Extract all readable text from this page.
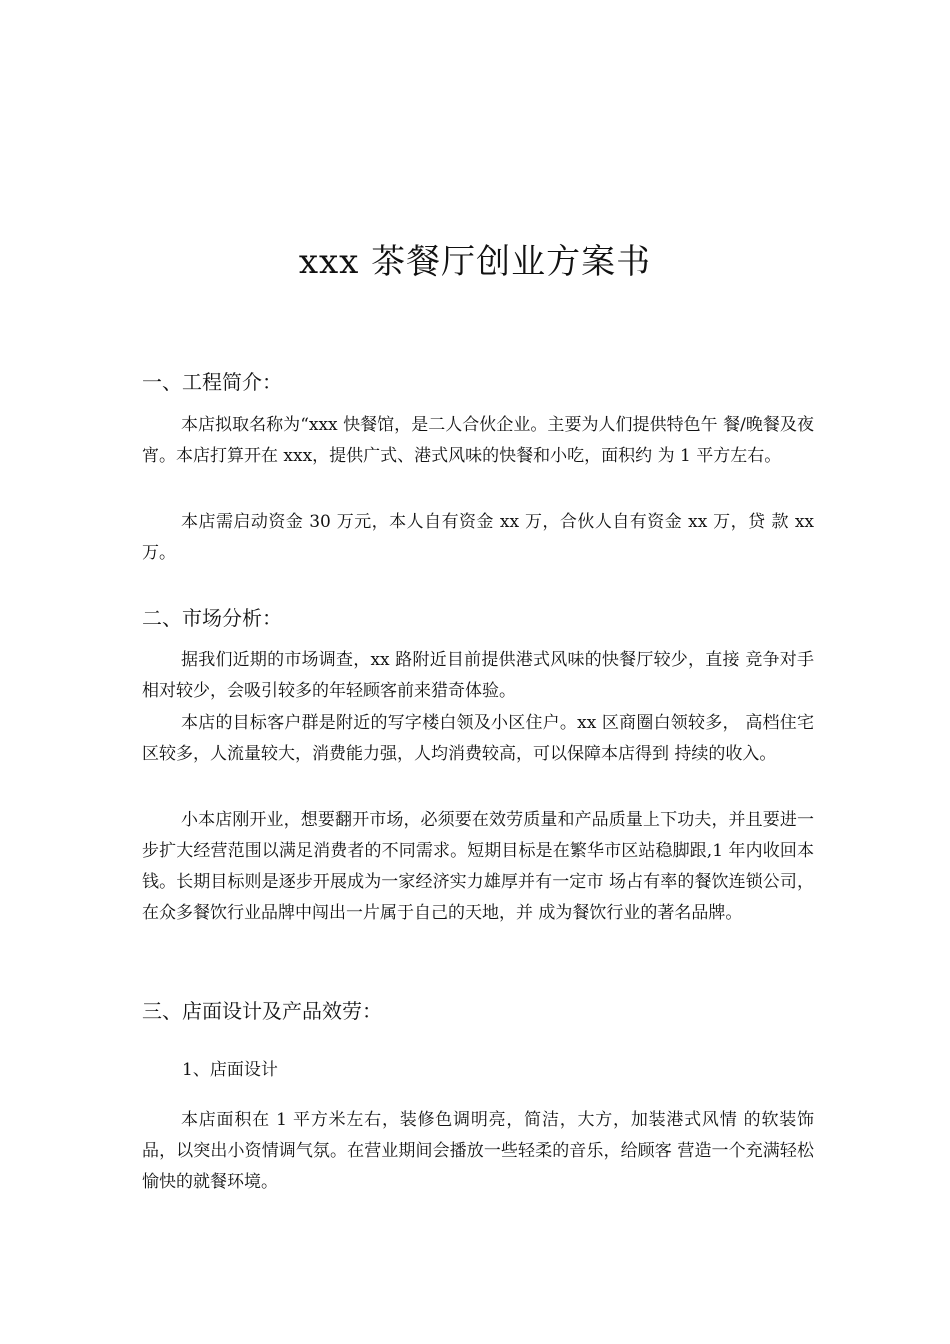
xxx 茶餐厅创业方案书
一、工程简介：

本店拟取名称为“xxx 快餐馆，是二人合伙企业。主要为人们提供特色午 餐/晚餐及夜宵。本店打算开在 xxx，提供广式、港式风味的快餐和小吃，面积约 为 1 平方左右。

本店需启动资金 30 万元，本人自有资金 xx 万，合伙人自有资金 xx 万，贷 款 xx 万。

二、市场分析：

据我们近期的市场调查，xx 路附近目前提供港式风味的快餐厅较少，直接 竞争对手相对较少，会吸引较多的年轻顾客前来猎奇体验。

本店的目标客户群是附近的写字楼白领及小区住户。xx 区商圈白领较多， 高档住宅区较多，人流量较大，消费能力强，人均消费较高，可以保障本店得到 持续的收入。

小本店刚开业，想要翻开市场，必须要在效劳质量和产品质量上下功夫，并且要进一步扩大经营范围以满足消费者的不同需求。短期目标是在繁华市区站稳脚跟,1 年内收回本钱。长期目标则是逐步开展成为一家经济实力雄厚并有一定市 场占有率的餐饮连锁公司，在众多餐饮行业品牌中闯出一片属于自己的天地，并 成为餐饮行业的著名品牌。

三、店面设计及产品效劳：
1、店面设计

本店面积在 1 平方米左右，装修色调明亮，简洁，大方，加装港式风情 的软装饰品，以突出小资情调气氛。在营业期间会播放一些轻柔的音乐，给顾客 营造一个充满轻松愉快的就餐环境。
